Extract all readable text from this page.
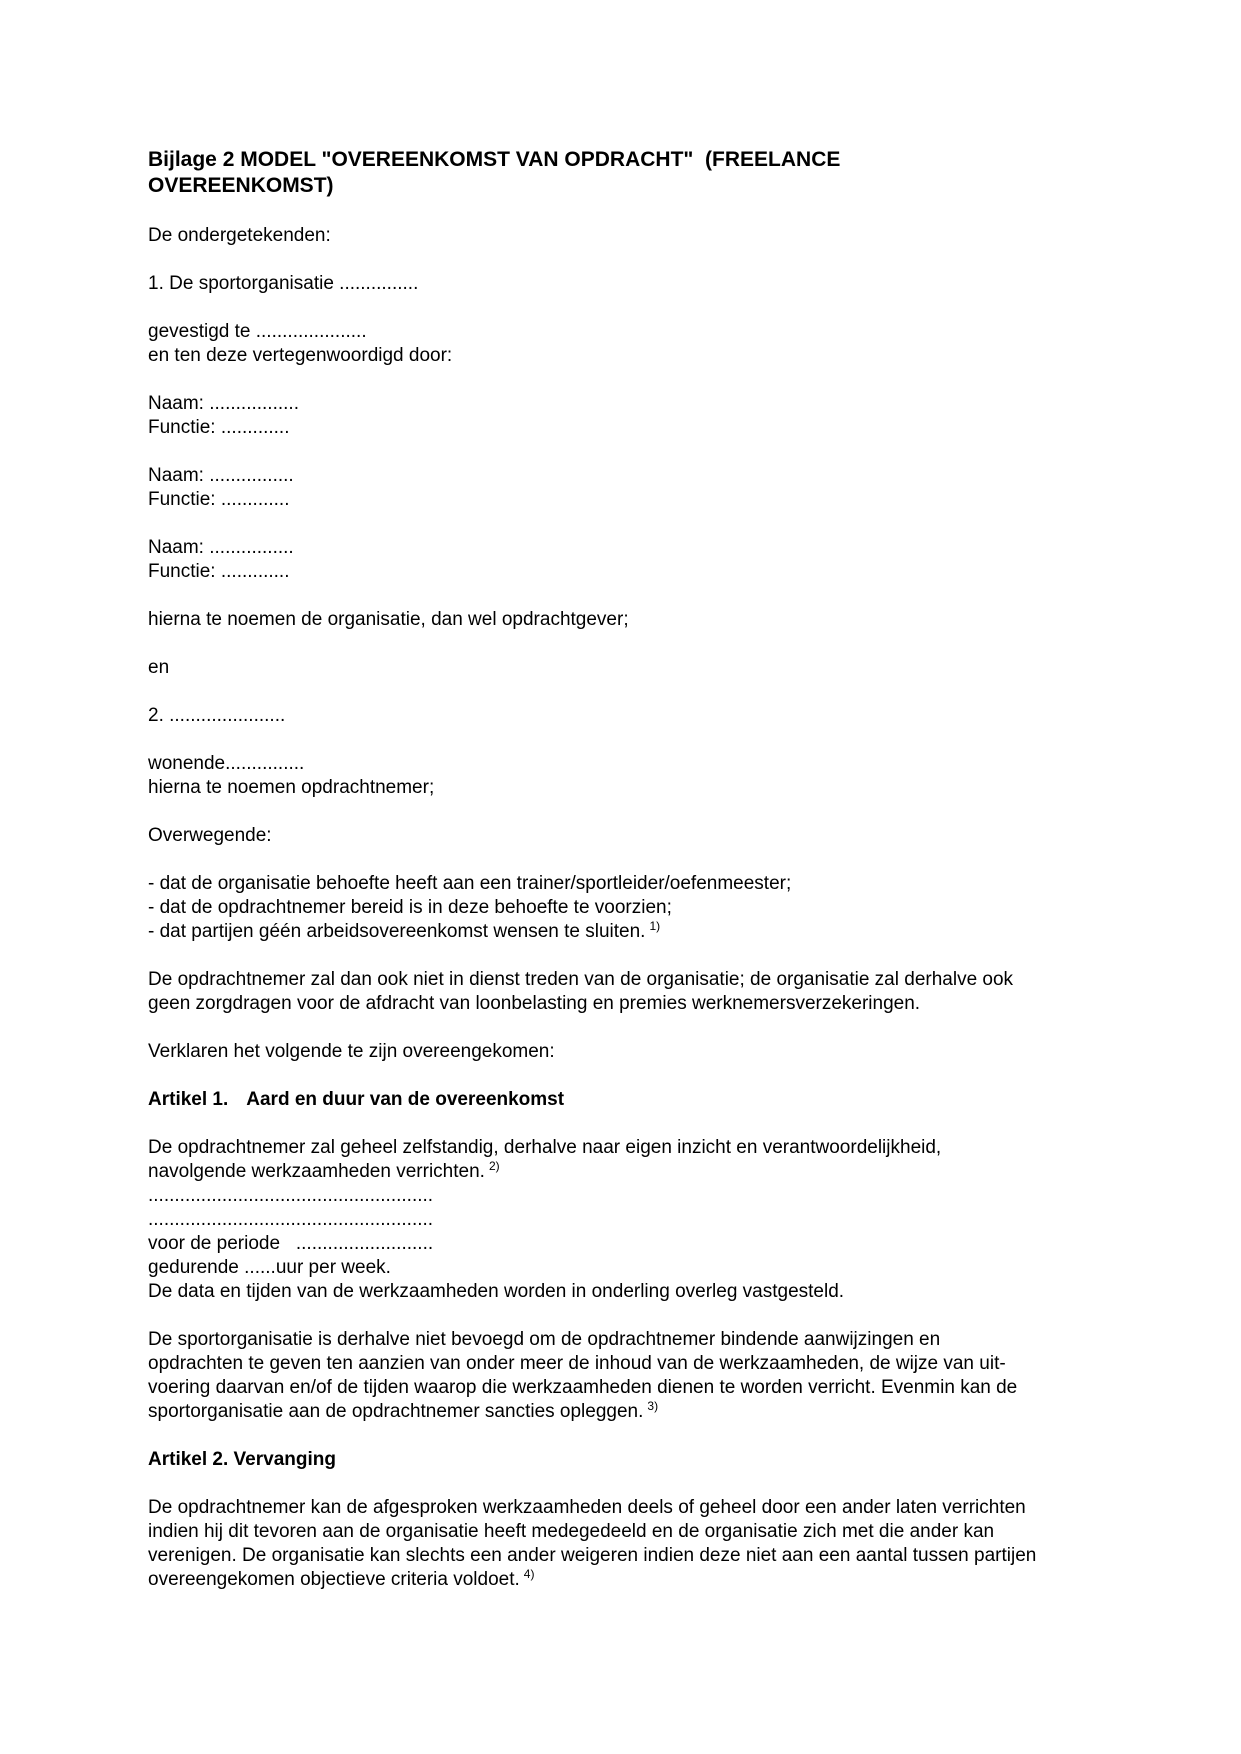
Bijlage 2 MODEL "OVEREENKOMST VAN OPDRACHT"  (FREELANCE
OVEREENKOMST)
De ondergetekenden:
1. De sportorganisatie ...............
gevestigd te .....................
en ten deze vertegenwoordigd door:
Naam: .................
Functie: .............
Naam: ................
Functie: .............
Naam: ................
Functie: .............
hierna te noemen de organisatie, dan wel opdrachtgever;
en
2. ......................
wonende...............
hierna te noemen opdrachtnemer;
Overwegende:
- dat de organisatie behoefte heeft aan een trainer/sportleider/oefenmeester;
- dat de opdrachtnemer bereid is in deze behoefte te voorzien;
- dat partijen géén arbeidsovereenkomst wensen te sluiten. $^{1)}$
De opdrachtnemer zal dan ook niet in dienst treden van de organisatie; de organisatie zal derhalve ook
geen zorgdragen voor de afdracht van loonbelasting en premies werknemersverzekeringen.
Verklaren het volgende te zijn overeengekomen:
Artikel 1. Aard en duur van de overeenkomst
De opdrachtnemer zal geheel zelfstandig, derhalve naar eigen inzicht en verantwoordelijkheid,
navolgende werkzaamheden verrichten. $^{2)}$
......................................................
......................................................
voor de periode   ..........................
gedurende ......uur per week.
De data en tijden van de werkzaamheden worden in onderling overleg vastgesteld.
De sportorganisatie is derhalve niet bevoegd om de opdrachtnemer bindende aanwijzingen en
opdrachten te geven ten aanzien van onder meer de inhoud van de werkzaamheden, de wijze van uit-
voering daarvan en/of de tijden waarop die werkzaamheden dienen te worden verricht. Evenmin kan de
sportorganisatie aan de opdrachtnemer sancties opleggen. $^{3)}$
Artikel 2. Vervanging
De opdrachtnemer kan de afgesproken werkzaamheden deels of geheel door een ander laten verrichten
indien hij dit tevoren aan de organisatie heeft medegedeeld en de organisatie zich met die ander kan
verenigen. De organisatie kan slechts een ander weigeren indien deze niet aan een aantal tussen partijen
overeengekomen objectieve criteria voldoet. $^{4)}$
